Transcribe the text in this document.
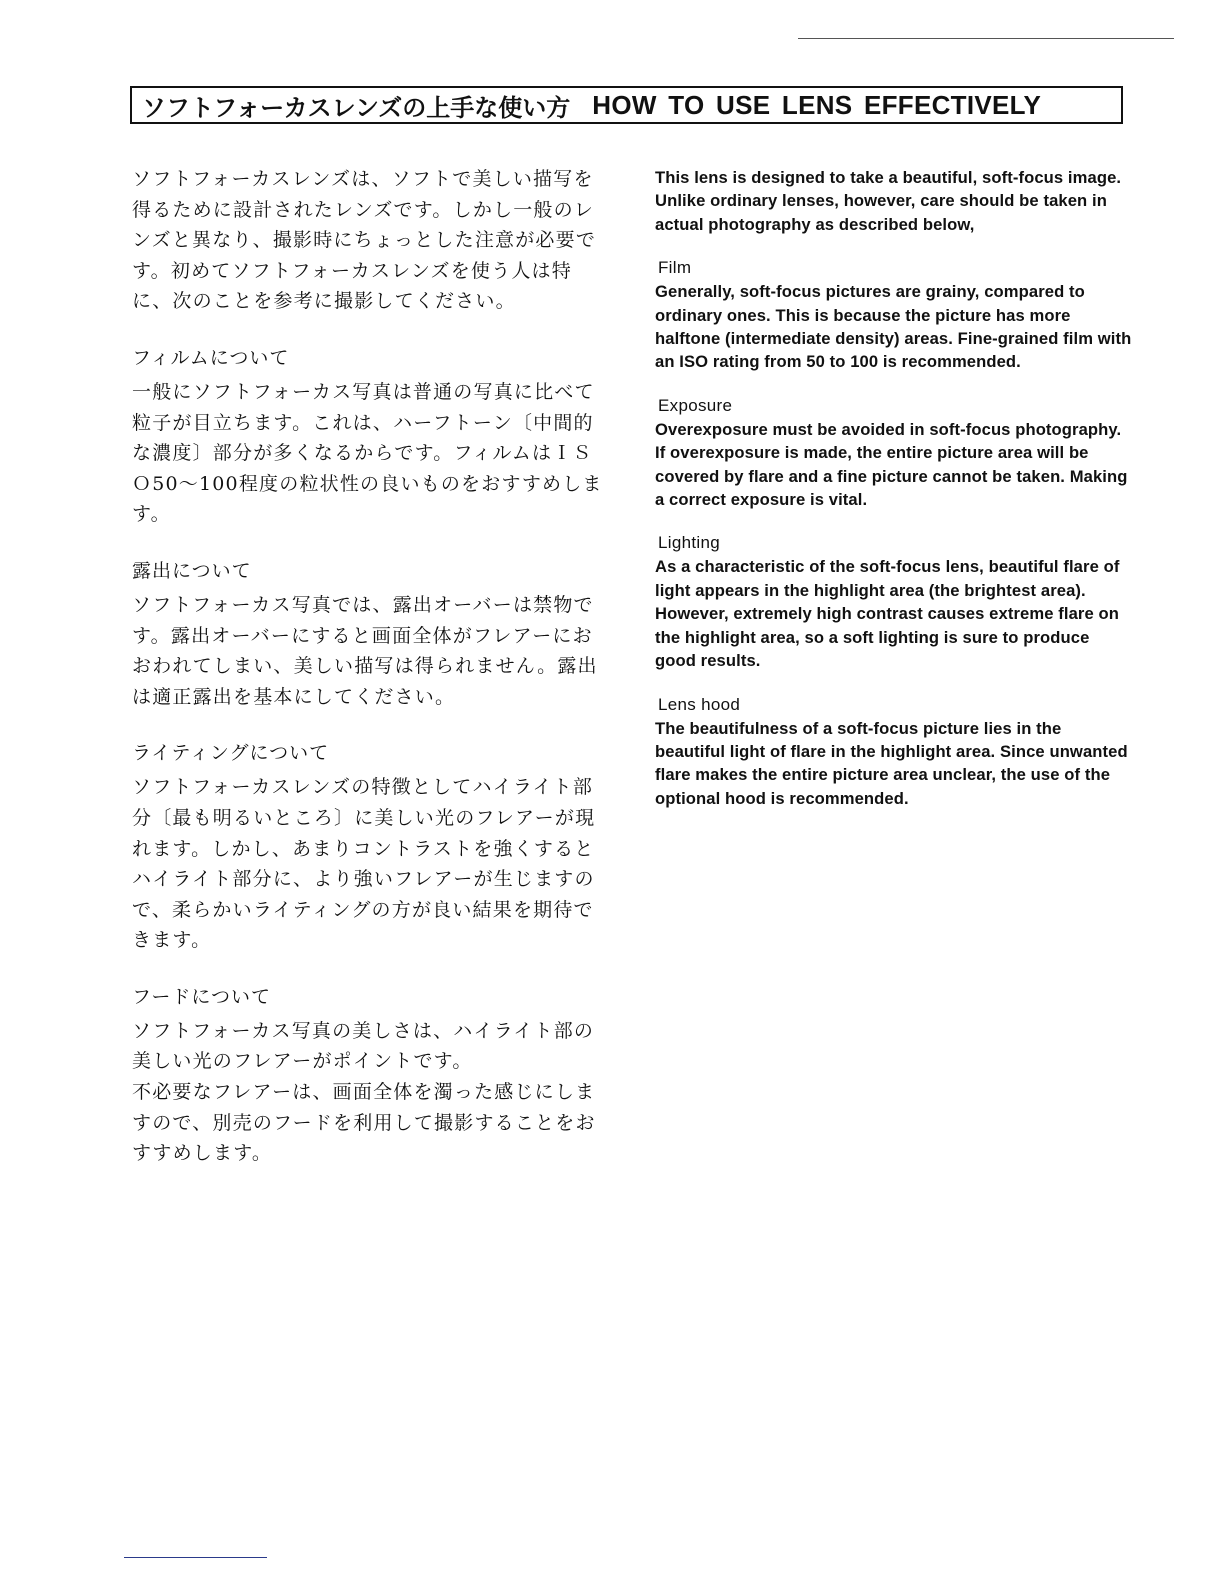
ソフトフォーカスレンズの上手な使い方 HOW TO USE LENS EFFECTIVELY

ソフトフォーカスレンズは、ソフトで美しい描写を得るために設計されたレンズです。しかし一般のレンズと異なり、撮影時にちょっとした注意が必要です。初めてソフトフォーカスレンズを使う人は特に、次のことを参考に撮影してください。

フィルムについて

一般にソフトフォーカス写真は普通の写真に比べて粒子が目立ちます。これは、ハーフトーン〔中間的な濃度〕部分が多くなるからです。フィルムはＩＳＯ50～100程度の粒状性の良いものをおすすめします。

露出について

ソフトフォーカス写真では、露出オーバーは禁物です。露出オーバーにすると画面全体がフレアーにおおわれてしまい、美しい描写は得られません。露出は適正露出を基本にしてください。

ライティングについて

ソフトフォーカスレンズの特徴としてハイライト部分〔最も明るいところ〕に美しい光のフレアーが現れます。しかし、あまりコントラストを強くするとハイライト部分に、より強いフレアーが生じますので、柔らかいライティングの方が良い結果を期待できます。

フードについて

ソフトフォーカス写真の美しさは、ハイライト部の美しい光のフレアーがポイントです。

不必要なフレアーは、画面全体を濁った感じにしますので、別売のフードを利用して撮影することをおすすめします。

This lens is designed to take a beautiful, soft-focus image. Unlike ordinary lenses, however, care should be taken in actual photography as described below,

Film

Generally, soft-focus pictures are grainy, compared to ordinary ones. This is because the picture has more halftone (intermediate density) areas. Fine-grained film with an ISO rating from 50 to 100 is recommended.

Exposure

Overexposure must be avoided in soft-focus photography. If overexposure is made, the entire picture area will be covered by flare and a fine picture cannot be taken. Making a correct exposure is vital.

Lighting

As a characteristic of the soft-focus lens, beautiful flare of light appears in the highlight area (the brightest area). However, extremely high contrast causes extreme flare on the highlight area, so a soft lighting is sure to produce good results.

Lens hood

The beautifulness of a soft-focus picture lies in the beautiful light of flare in the highlight area. Since unwanted flare makes the entire picture area unclear, the use of the optional hood is recommended.
